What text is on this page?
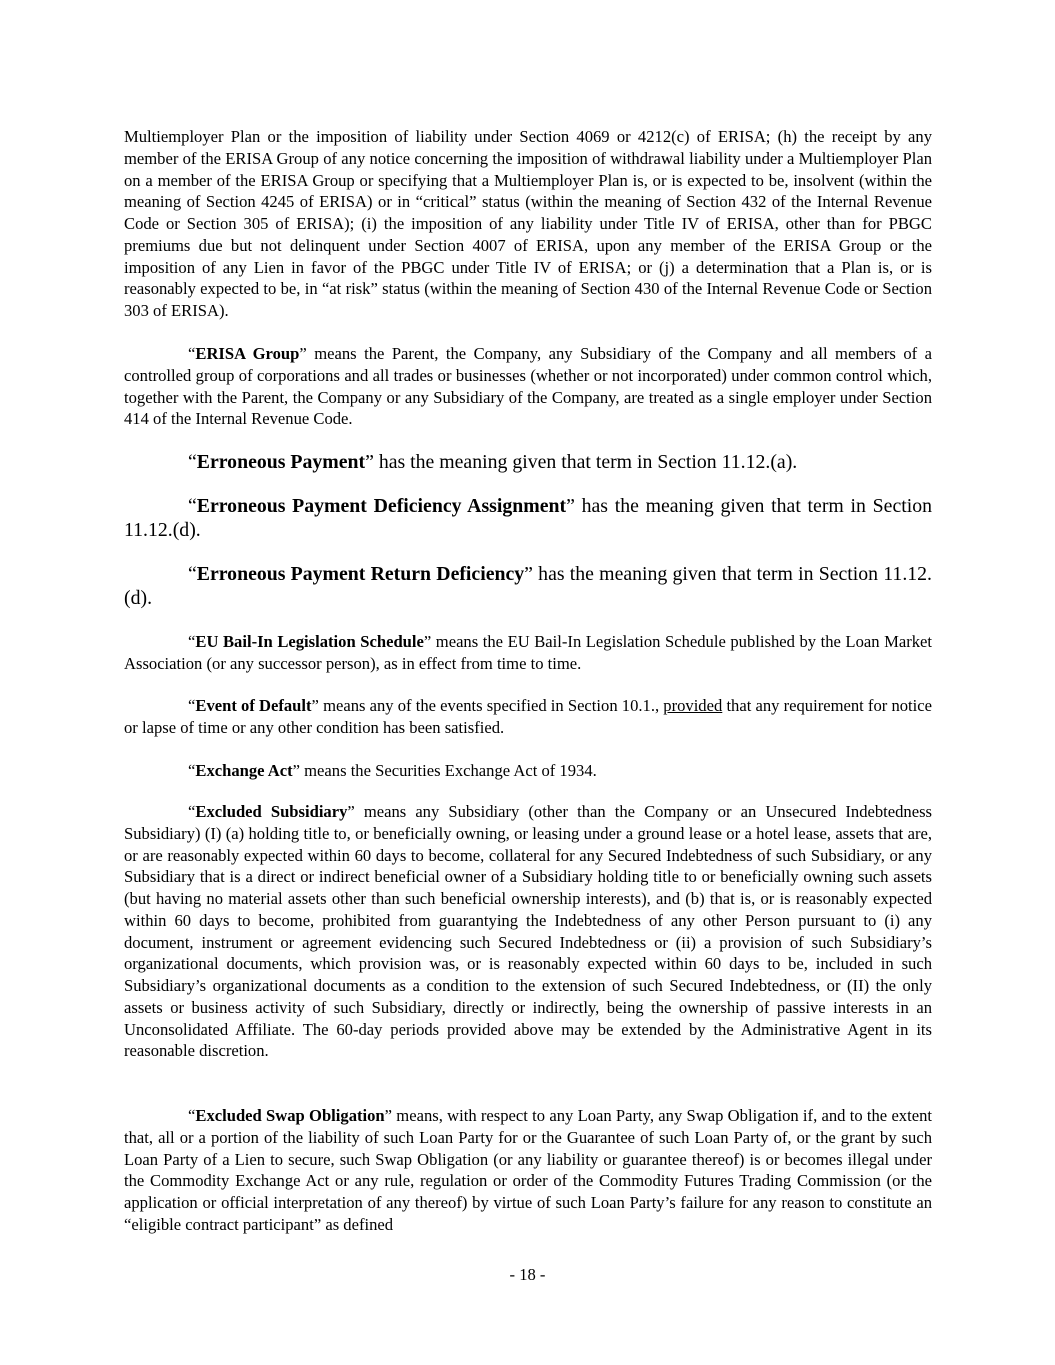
Multiemployer Plan or the imposition of liability under Section 4069 or 4212(c) of ERISA; (h) the receipt by any member of the ERISA Group of any notice concerning the imposition of withdrawal liability under a Multiemployer Plan on a member of the ERISA Group or specifying that a Multiemployer Plan is, or is expected to be, insolvent (within the meaning of Section 4245 of ERISA) or in “critical” status (within the meaning of Section 432 of the Internal Revenue Code or Section 305 of ERISA); (i) the imposition of any liability under Title IV of ERISA, other than for PBGC premiums due but not delinquent under Section 4007 of ERISA, upon any member of the ERISA Group or the imposition of any Lien in favor of the PBGC under Title IV of ERISA; or (j) a determination that a Plan is, or is reasonably expected to be, in “at risk” status (within the meaning of Section 430 of the Internal Revenue Code or Section 303 of ERISA).

“ERISA Group” means the Parent, the Company, any Subsidiary of the Company and all members of a controlled group of corporations and all trades or businesses (whether or not incorporated) under common control which, together with the Parent, the Company or any Subsidiary of the Company, are treated as a single employer under Section 414 of the Internal Revenue Code.

“Erroneous Payment” has the meaning given that term in Section 11.12.(a).

“Erroneous Payment Deficiency Assignment” has the meaning given that term in Section 11.12.(d).

“Erroneous Payment Return Deficiency” has the meaning given that term in Section 11.12.(d).

“EU Bail-In Legislation Schedule” means the EU Bail-In Legislation Schedule published by the Loan Market Association (or any successor person), as in effect from time to time.

“Event of Default” means any of the events specified in Section 10.1., provided that any requirement for notice or lapse of time or any other condition has been satisfied.

“Exchange Act” means the Securities Exchange Act of 1934.

“Excluded Subsidiary” means any Subsidiary (other than the Company or an Unsecured Indebtedness Subsidiary) (I) (a) holding title to, or beneficially owning, or leasing under a ground lease or a hotel lease, assets that are, or are reasonably expected within 60 days to become, collateral for any Secured Indebtedness of such Subsidiary, or any Subsidiary that is a direct or indirect beneficial owner of a Subsidiary holding title to or beneficially owning such assets (but having no material assets other than such beneficial ownership interests), and (b) that is, or is reasonably expected within 60 days to become, prohibited from guarantying the Indebtedness of any other Person pursuant to (i) any document, instrument or agreement evidencing such Secured Indebtedness or (ii) a provision of such Subsidiary’s organizational documents, which provision was, or is reasonably expected within 60 days to be, included in such Subsidiary’s organizational documents as a condition to the extension of such Secured Indebtedness, or (II) the only assets or business activity of such Subsidiary, directly or indirectly, being the ownership of passive interests in an Unconsolidated Affiliate. The 60-day periods provided above may be extended by the Administrative Agent in its reasonable discretion.

“Excluded Swap Obligation” means, with respect to any Loan Party, any Swap Obligation if, and to the extent that, all or a portion of the liability of such Loan Party for or the Guarantee of such Loan Party of, or the grant by such Loan Party of a Lien to secure, such Swap Obligation (or any liability or guarantee thereof) is or becomes illegal under the Commodity Exchange Act or any rule, regulation or order of the Commodity Futures Trading Commission (or the application or official interpretation of any thereof) by virtue of such Loan Party’s failure for any reason to constitute an “eligible contract participant” as defined

- 18 -
